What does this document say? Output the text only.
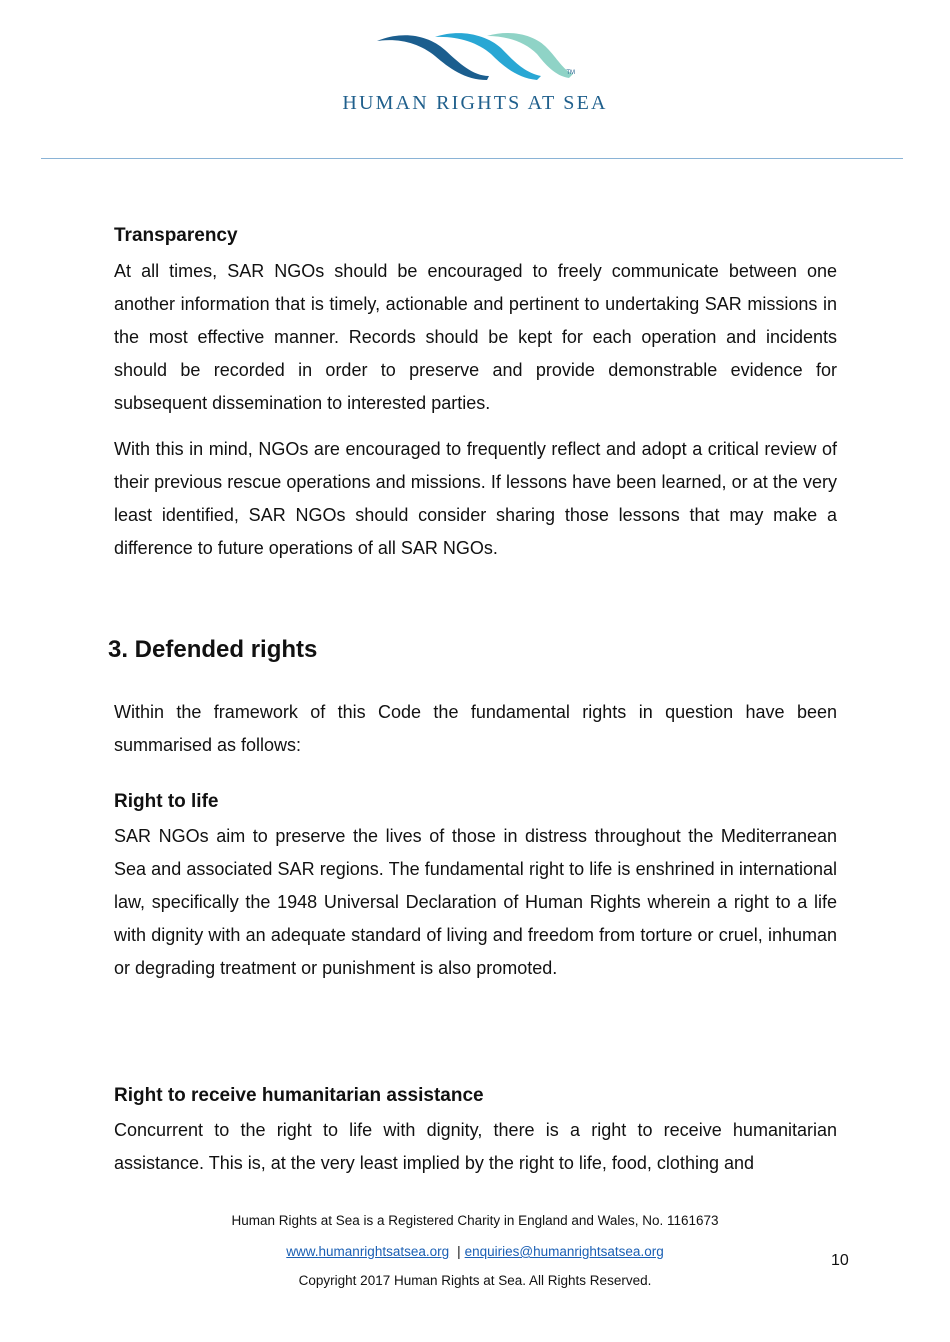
TM
HUMAN RIGHTS AT SEA
Transparency

At all times, SAR NGOs should be encouraged to freely communicate between one another information that is timely, actionable and pertinent to undertaking SAR missions in the most effective manner. Records should be kept for each operation and incidents should be recorded in order to preserve and provide demonstrable evidence for subsequent dissemination to interested parties.

With this in mind, NGOs are encouraged to frequently reflect and adopt a critical review of their previous rescue operations and missions. If lessons have been learned, or at the very least identified, SAR NGOs should consider sharing those lessons that may make a difference to future operations of all SAR NGOs.

3. Defended rights

Within the framework of this Code the fundamental rights in question have been summarised as follows:

Right to life

SAR NGOs aim to preserve the lives of those in distress throughout the Mediterranean Sea and associated SAR regions. The fundamental right to life is enshrined in international law, specifically the 1948 Universal Declaration of Human Rights wherein a right to a life with dignity with an adequate standard of living and freedom from torture or cruel, inhuman or degrading treatment or punishment is also promoted.

Right to receive humanitarian assistance

Concurrent to the right to life with dignity, there is a right to receive humanitarian assistance. This is, at the very least implied by the right to life, food, clothing and

Human Rights at Sea is a Registered Charity in England and Wales, No. 1161673
www.humanrightsatsea.org | enquiries@humanrightsatsea.org
Copyright 2017 Human Rights at Sea. All Rights Reserved.
10
